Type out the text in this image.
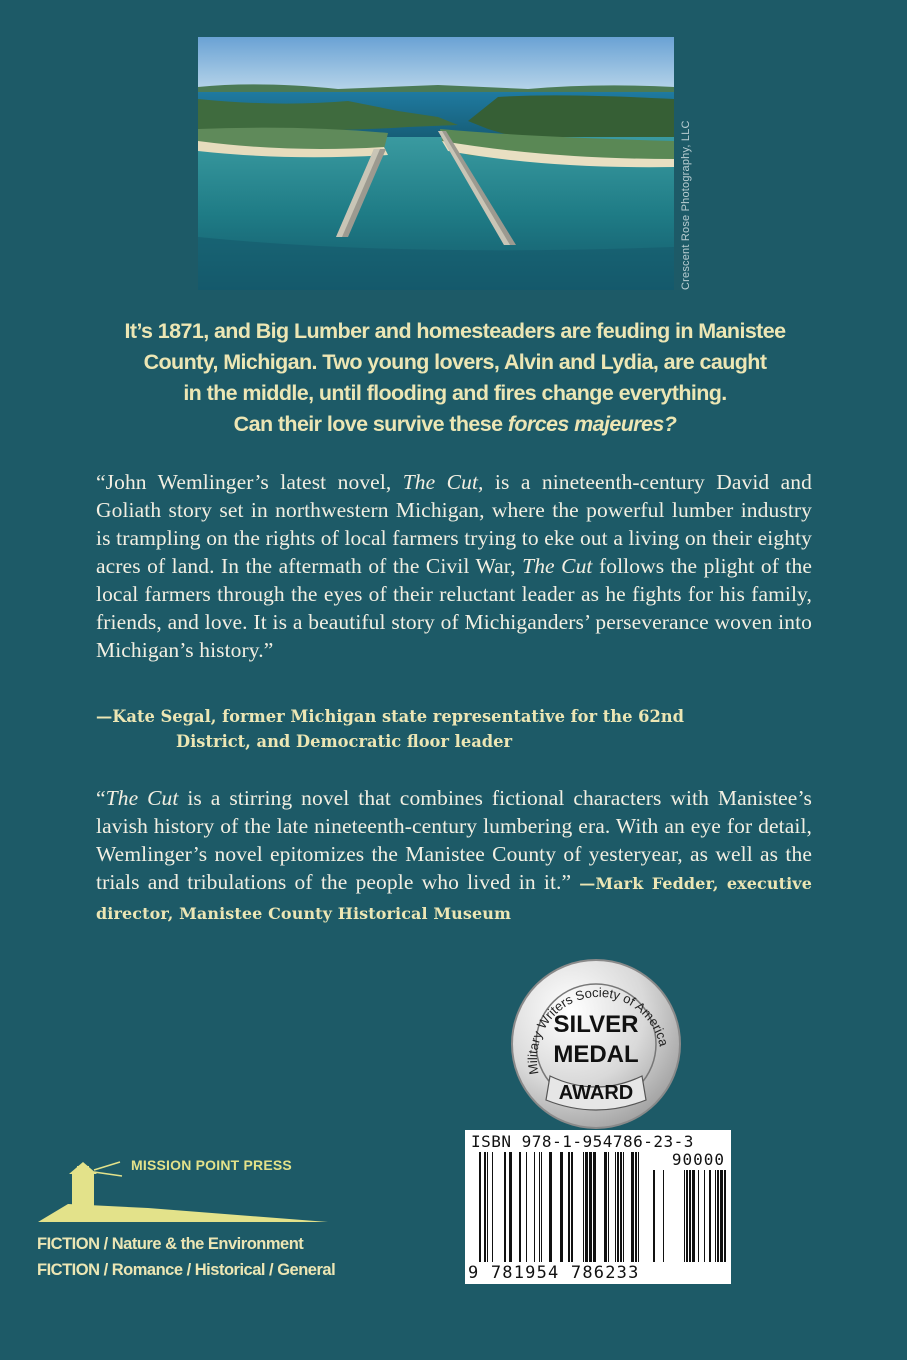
Crescent Rose Photography, LLC
It’s 1871, and Big Lumber and homesteaders are feuding in Manistee
County, Michigan. Two young lovers, Alvin and Lydia, are caught
in the middle, until flooding and fires change everything.
Can their love survive these forces majeures?
“John Wemlinger’s latest novel, The Cut, is a nineteenth-century David and Goliath story set in northwestern Michigan, where the powerful lumber industry is trampling on the rights of local farmers trying to eke out a living on their eighty acres of land. In the aftermath of the Civil War, The Cut follows the plight of the local farmers through the eyes of their reluctant leader as he fights for his family, friends, and love. It is a beautiful story of Michiganders’ perseverance woven into Michigan’s history.”
—Kate Segal, former Michigan state representative for the 62nd
District, and Democratic floor leader
“The Cut is a stirring novel that combines fictional characters with Manistee’s lavish history of the late nineteenth-century lumbering era. With an eye for detail, Wemlinger’s novel epitomizes the Manistee County of yesteryear, as well as the trials and tribulations of the people who lived in it.” —Mark Fedder, executive director, Manistee County Historical Museum
Military Writers Society of America
SILVER
MEDAL
AWARD
ISBN 978-1-954786-23-3
90000
9 781954 786233
MISSION POINT PRESS
FICTION / Nature & the Environment
FICTION / Romance / Historical / General
